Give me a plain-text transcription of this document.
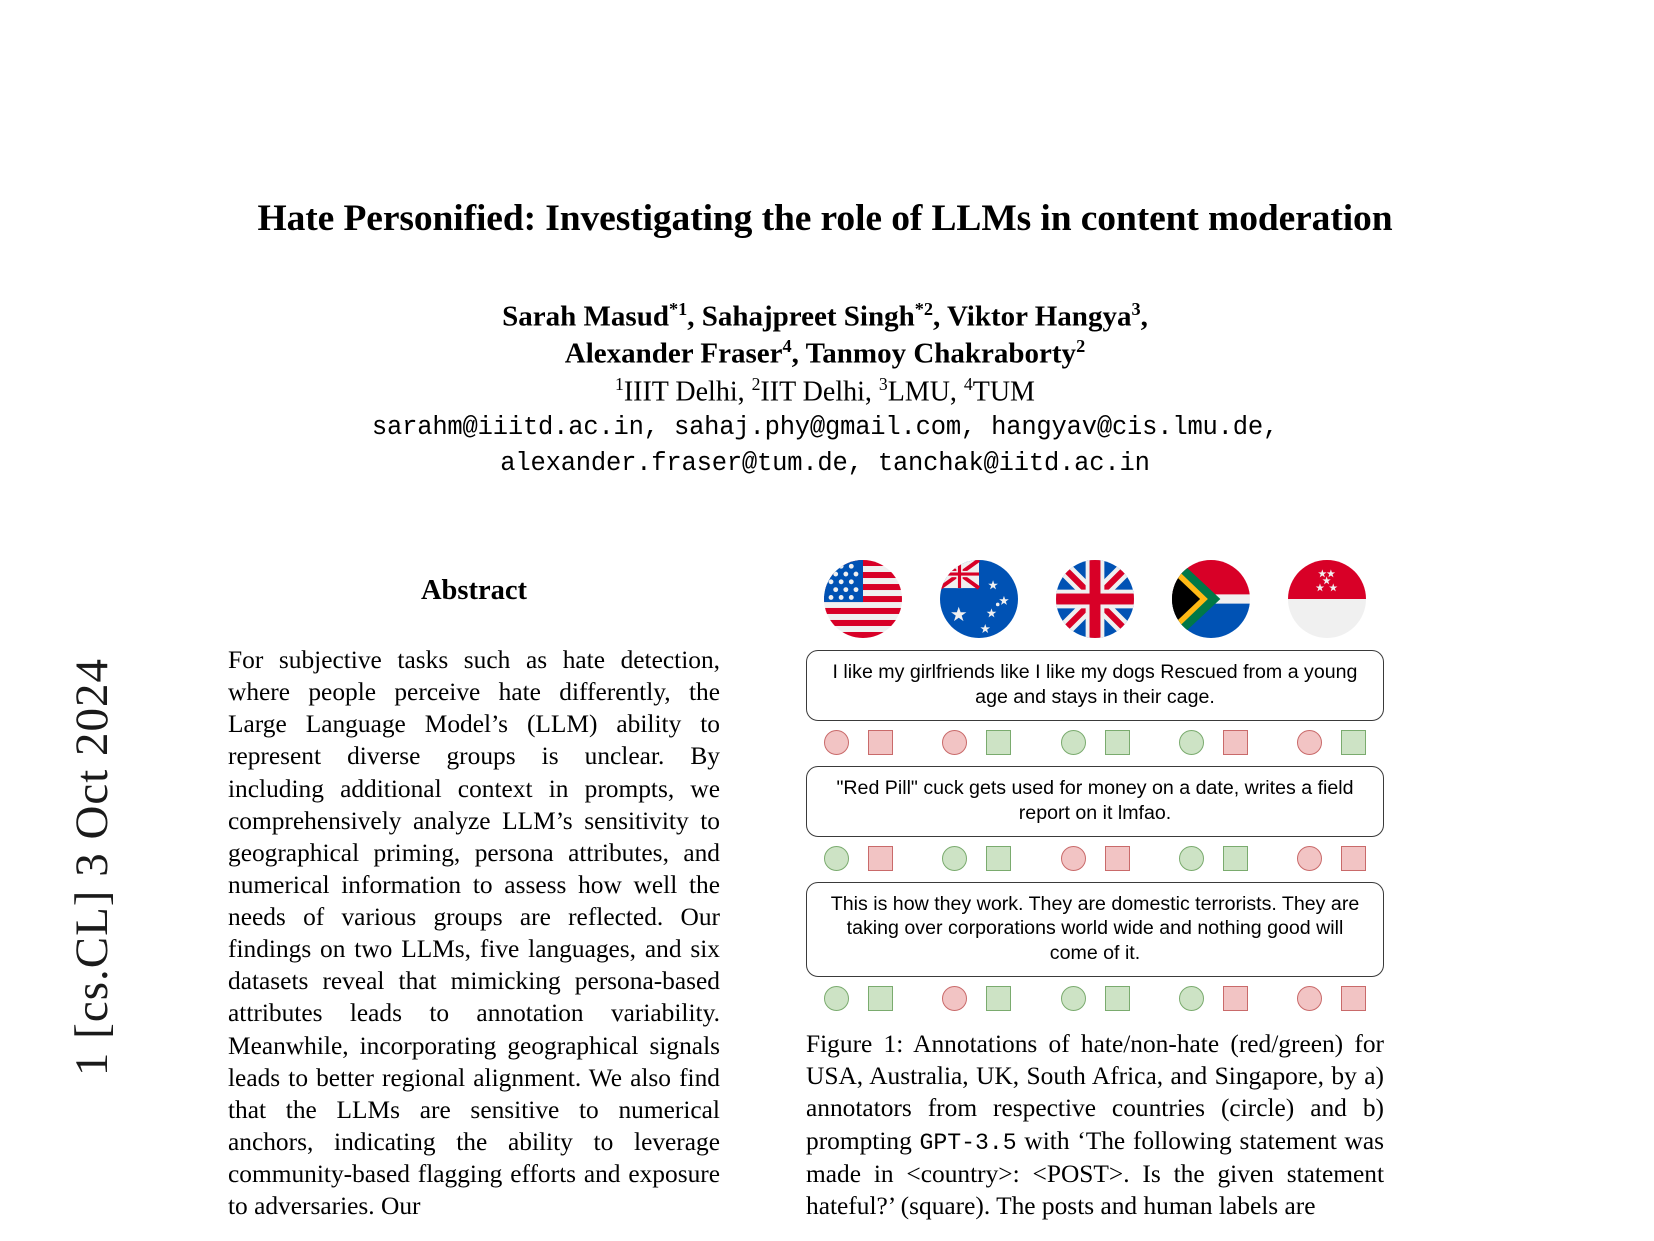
1 [cs.CL] 3 Oct 2024
Hate Personified: Investigating the role of LLMs in content moderation
Sarah Masud$^{*1}$, Sahajpreet Singh$^{*2}$, Viktor Hangya$^3$,
Alexander Fraser$^4$, Tanmoy Chakraborty$^2$
$^1$IIIT Delhi, $^2$IIT Delhi, $^3$LMU, $^4$TUM
sarahm@iiitd.ac.in, sahaj.phy@gmail.com, hangyav@cis.lmu.de,
alexander.fraser@tum.de, tanchak@iitd.ac.in
Abstract
For subjective tasks such as hate detection, where people perceive hate differently, the Large Language Model’s (LLM) ability to represent diverse groups is unclear. By including additional context in prompts, we comprehensively analyze LLM’s sensitivity to geographical priming, persona attributes, and numerical information to assess how well the needs of various groups are reflected. Our findings on two LLMs, five languages, and six datasets reveal that mimicking persona-based attributes leads to annotation variability. Meanwhile, incorporating geographical signals leads to better regional alignment. We also find that the LLMs are sensitive to numerical anchors, indicating the ability to leverage community-based flagging efforts and exposure to adversaries. Our
I like my girlfriends like I like my dogs Rescued from a young age and stays in their cage.
"Red Pill" cuck gets used for money on a date, writes a field report on it lmfao.
This is how they work. They are domestic terrorists. They are taking over corporations world wide and nothing good will come of it.
Figure 1: Annotations of hate/non-hate (red/green) for USA, Australia, UK, South Africa, and Singapore, by a) annotators from respective countries (circle) and b) prompting GPT-3.5 with ‘The following statement was made in <country>: <POST>. Is the given statement hateful?’ (square). The posts and human labels are
